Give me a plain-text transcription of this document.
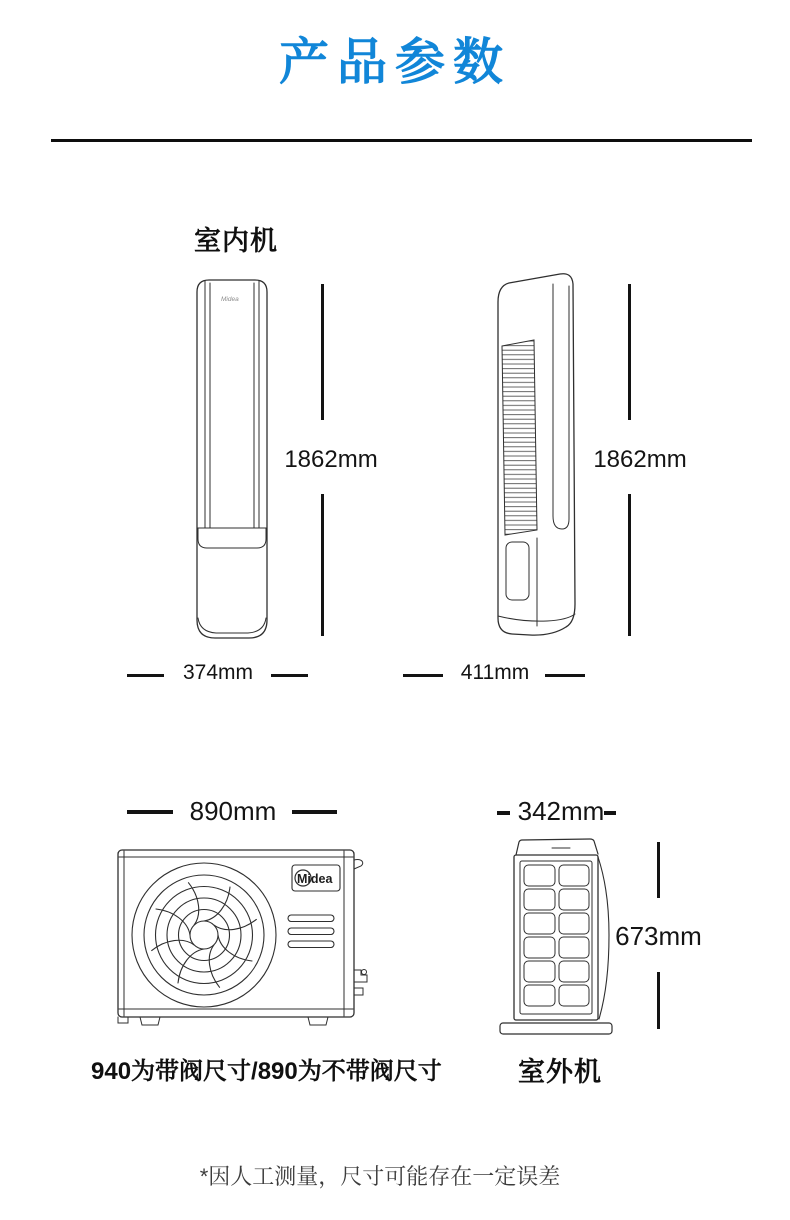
产品参数
室内机
Midea
1862mm	1862mm
374mm	411mm
890mm	342mm
Midea
673mm
940为带阀尺寸/890为不带阀尺寸	室外机
*因人工测量，尺寸可能存在一定误差
